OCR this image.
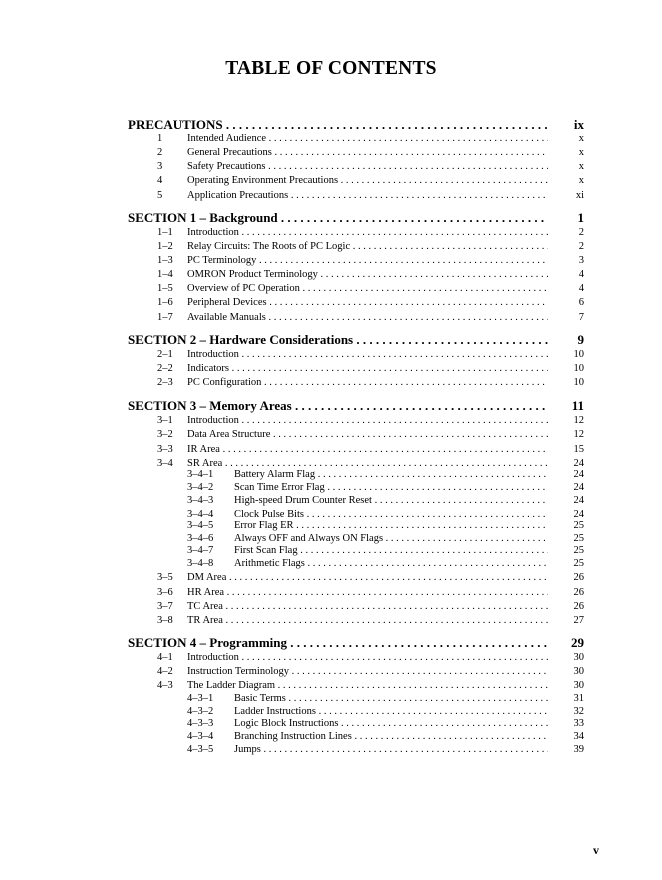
TABLE OF CONTENTS
PRECAUTIONS . . .	ix
1 Intended Audience . . .	x
2 General Precautions . . .	x
3 Safety Precautions . . .	x
4 Operating Environment Precautions . . .	x
5 Application Precautions . . .	xi
SECTION 1 – Background . . .	1
1–1 Introduction . . .	2
1–2 Relay Circuits: The Roots of PC Logic . . .	2
1–3 PC Terminology . . .	3
1–4 OMRON Product Terminology . . .	4
1–5 Overview of PC Operation . . .	4
1–6 Peripheral Devices . . .	6
1–7 Available Manuals . . .	7
SECTION 2 – Hardware Considerations . . .	9
2–1 Introduction . . .	10
2–2 Indicators . . .	10
2–3 PC Configuration . . .	10
SECTION 3 – Memory Areas . . .	11
3–1 Introduction . . .	12
3–2 Data Area Structure . . .	12
3–3 IR Area . . .	15
3–4 SR Area . . .	24
3–4–1 Battery Alarm Flag . . .	24
3–4–2 Scan Time Error Flag . . .	24
3–4–3 High-speed Drum Counter Reset . . .	24
3–4–4 Clock Pulse Bits . . .	24
3–4–5 Error Flag ER . . .	25
3–4–6 Always OFF and Always ON Flags . . .	25
3–4–7 First Scan Flag . . .	25
3–4–8 Arithmetic Flags . . .	25
3–5 DM Area . . .	26
3–6 HR Area . . .	26
3–7 TC Area . . .	26
3–8 TR Area . . .	27
SECTION 4 – Programming . . .	29
4–1 Introduction . . .	30
4–2 Instruction Terminology . . .	30
4–3 The Ladder Diagram . . .	30
4–3–1 Basic Terms . . .	31
4–3–2 Ladder Instructions . . .	32
4–3–3 Logic Block Instructions . . .	33
4–3–4 Branching Instruction Lines . . .	34
4–3–5 Jumps . . .	39
v
